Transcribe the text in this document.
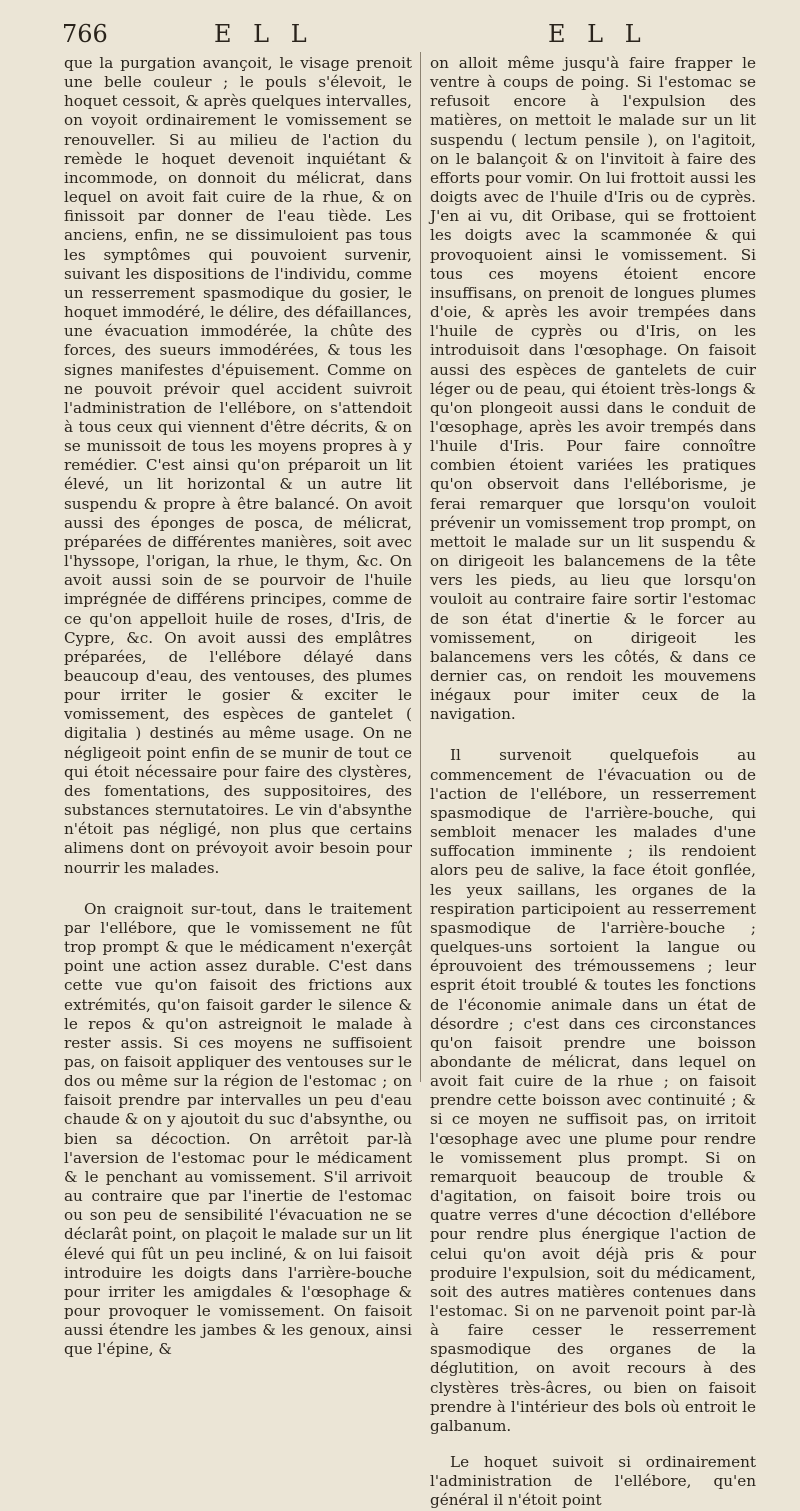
766	E L L	E L L

que la purgation avançoit, le visage prenoit une belle couleur ; le pouls s'élevoit, le hoquet cessoit, & après quelques intervalles, on voyoit ordinairement le vomissement se renouveller. Si au milieu de l'action du remède le hoquet devenoit inquiétant & incommode, on donnoit du mélicrat, dans lequel on avoit fait cuire de la rhue, & on finissoit par donner de l'eau tiède. Les anciens, enfin, ne se dissimuloient pas tous les symptômes qui pouvoient survenir, suivant les dispositions de l'individu, comme un resserrement spasmodique du gosier, le hoquet immodéré, le délire, des défaillances, une évacuation immodérée, la chûte des forces, des sueurs immodérées, & tous les signes manifestes d'épuisement. Comme on ne pouvoit prévoir quel accident suivroit l'administration de l'ellébore, on s'attendoit à tous ceux qui viennent d'être décrits, & on se munissoit de tous les moyens propres à y remédier. C'est ainsi qu'on préparoit un lit élevé, un lit horizontal & un autre lit suspendu & propre à être balancé. On avoit aussi des éponges de posca, de mélicrat, préparées de différentes manières, soit avec l'hyssope, l'origan, la rhue, le thym, &c. On avoit aussi soin de se pourvoir de l'huile imprégnée de différens principes, comme de ce qu'on appelloit huile de roses, d'Iris, de Cypre, &c. On avoit aussi des emplâtres préparées, de l'ellébore délayé dans beaucoup d'eau, des ventouses, des plumes pour irriter le gosier & exciter le vomissement, des espèces de gantelet ( digitalia ) destinés au même usage. On ne négligeoit point enfin de se munir de tout ce qui étoit nécessaire pour faire des clystères, des fomentations, des suppositoires, des substances sternutatoires. Le vin d'absynthe n'étoit pas négligé, non plus que certains alimens dont on prévoyoit avoir besoin pour nourrir les malades.

On craignoit sur-tout, dans le traitement par l'ellébore, que le vomissement ne fût trop prompt & que le médicament n'exerçât point une action assez durable. C'est dans cette vue qu'on faisoit des frictions aux extrémités, qu'on faisoit garder le silence & le repos & qu'on astreignoit le malade à rester assis. Si ces moyens ne suffisoient pas, on faisoit appliquer des ventouses sur le dos ou même sur la région de l'estomac ; on faisoit prendre par intervalles un peu d'eau chaude & on y ajoutoit du suc d'absynthe, ou bien sa décoction. On arrêtoit par-là l'aversion de l'estomac pour le médicament & le penchant au vomissement. S'il arrivoit au contraire que par l'inertie de l'estomac ou son peu de sensibilité l'évacuation ne se déclarât point, on plaçoit le malade sur un lit élevé qui fût un peu incliné, & on lui faisoit introduire les doigts dans l'arrière-bouche pour irriter les amigdales & l'œsophage & pour provoquer le vomissement. On faisoit aussi étendre les jambes & les genoux, ainsi que l'épine, &

on alloit même jusqu'à faire frapper le ventre à coups de poing. Si l'estomac se refusoit encore à l'expulsion des matières, on mettoit le malade sur un lit suspendu ( lectum pensile ), on l'agitoit, on le balançoit & on l'invitoit à faire des efforts pour vomir. On lui frottoit aussi les doigts avec de l'huile d'Iris ou de cyprès. J'en ai vu, dit Oribase, qui se frottoient les doigts avec la scammonée & qui provoquoient ainsi le vomissement. Si tous ces moyens étoient encore insuffisans, on prenoit de longues plumes d'oie, & après les avoir trempées dans l'huile de cyprès ou d'Iris, on les introduisoit dans l'œsophage. On faisoit aussi des espèces de gantelets de cuir léger ou de peau, qui étoient très-longs & qu'on plongeoit aussi dans le conduit de l'œsophage, après les avoir trempés dans l'huile d'Iris. Pour faire connoître combien étoient variées les pratiques qu'on observoit dans l'elléborisme, je ferai remarquer que lorsqu'on vouloit prévenir un vomissement trop prompt, on mettoit le malade sur un lit suspendu & on dirigeoit les balancemens de la tête vers les pieds, au lieu que lorsqu'on vouloit au contraire faire sortir l'estomac de son état d'inertie & le forcer au vomissement, on dirigeoit les balancemens vers les côtés, & dans ce dernier cas, on rendoit les mouvemens inégaux pour imiter ceux de la navigation.

Il survenoit quelquefois au commencement de l'évacuation ou de l'action de l'ellébore, un resserrement spasmodique de l'arrière-bouche, qui sembloit menacer les malades d'une suffocation imminente ; ils rendoient alors peu de salive, la face étoit gonflée, les yeux saillans, les organes de la respiration participoient au resserrement spasmodique de l'arrière-bouche ; quelques-uns sortoient la langue ou éprouvoient des trémoussemens ; leur esprit étoit troublé & toutes les fonctions de l'économie animale dans un état de désordre ; c'est dans ces circonstances qu'on faisoit prendre une boisson abondante de mélicrat, dans lequel on avoit fait cuire de la rhue ; on faisoit prendre cette boisson avec continuité ; & si ce moyen ne suffisoit pas, on irritoit l'œsophage avec une plume pour rendre le vomissement plus prompt. Si on remarquoit beaucoup de trouble & d'agitation, on faisoit boire trois ou quatre verres d'une décoction d'ellébore pour rendre plus énergique l'action de celui qu'on avoit déjà pris & pour produire l'expulsion, soit du médicament, soit des autres matières contenues dans l'estomac. Si on ne parvenoit point par-là à faire cesser le resserrement spasmodique des organes de la déglutition, on avoit recours à des clystères très-âcres, ou bien on faisoit prendre à l'intérieur des bols où entroit le galbanum.

Le hoquet suivoit si ordinairement l'administration de l'ellébore, qu'en général il n'étoit point
